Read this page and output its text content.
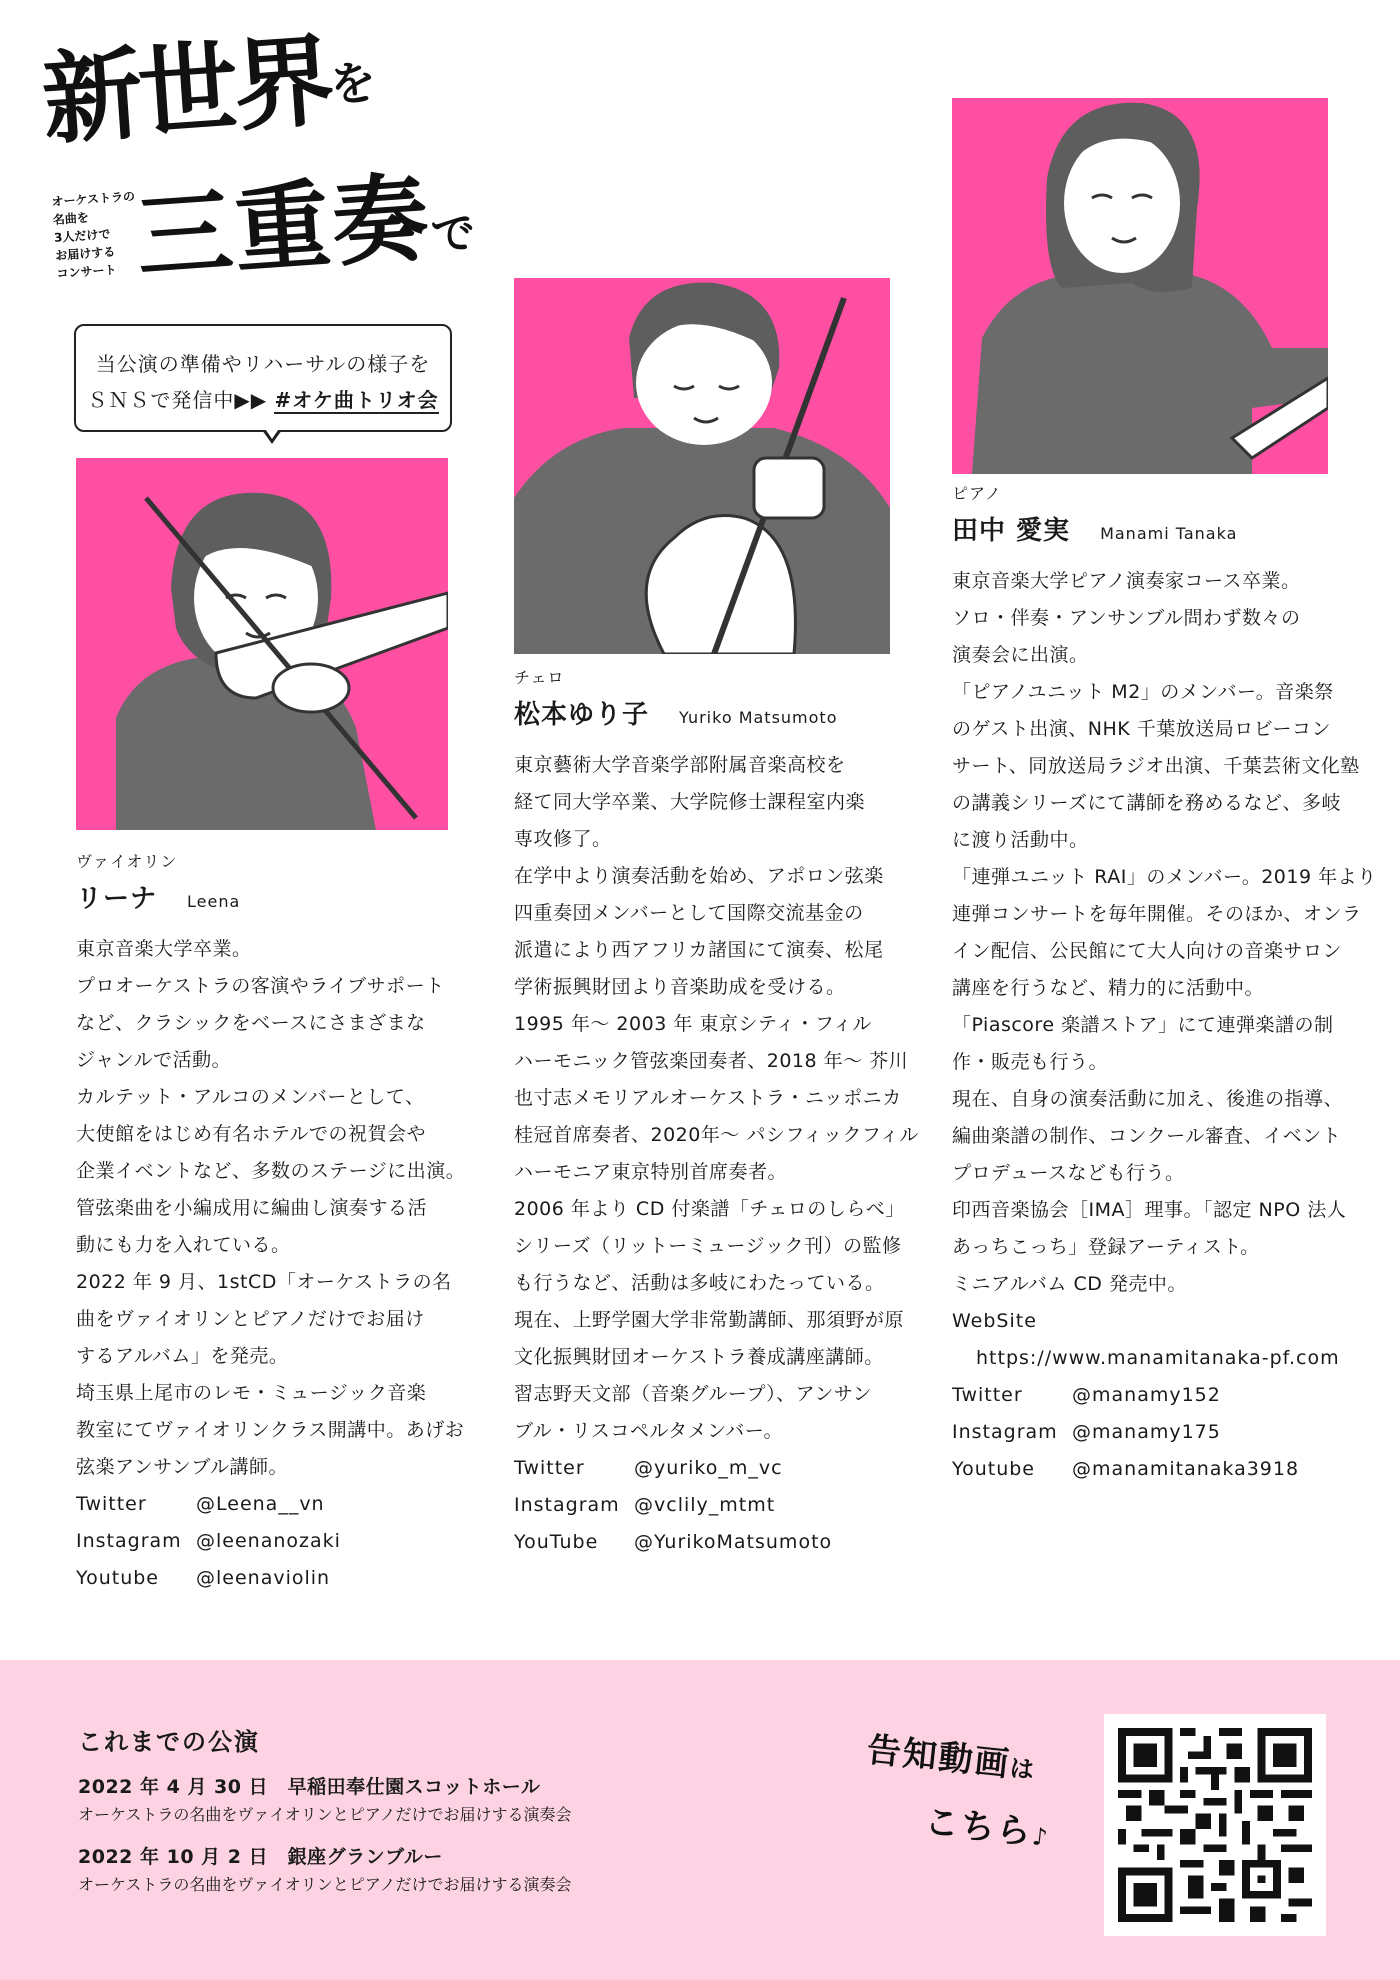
新世界を
オーケストラの
名曲を
3人だけで
お届けする
コンサート 三重奏で
当公演の準備やリハーサルの様子を
ＳＮＳで発信中▶▶ #オケ曲トリオ会
ヴァイオリン
リーナ Leena

東京音楽大学卒業。

プロオーケストラの客演やライブサポート

など、クラシックをベースにさまざまな

ジャンルで活動。

カルテット・アルコのメンバーとして、

大使館をはじめ有名ホテルでの祝賀会や

企業イベントなど、多数のステージに出演。

管弦楽曲を小編成用に編曲し演奏する活

動にも力を入れている。

2022 年 9 月、1stCD「オーケストラの名

曲をヴァイオリンとピアノだけでお届け

するアルバム」を発売。

埼玉県上尾市のレモ・ミュージック音楽

教室にてヴァイオリンクラス開講中。あげお

弦楽アンサンブル講師。

Twitter	@Leena__vn
Instagram @leenanozaki
Youtube @leenaviolin
チェロ
松本ゆり子 Yuriko Matsumoto

東京藝術大学音楽学部附属音楽高校を

経て同大学卒業、大学院修士課程室内楽

専攻修了。

在学中より演奏活動を始め、アポロン弦楽

四重奏団メンバーとして国際交流基金の

派遣により西アフリカ諸国にて演奏、松尾

学術振興財団より音楽助成を受ける。

1995 年～ 2003 年 東京シティ・フィル

ハーモニック管弦楽団奏者、2018 年～ 芥川

也寸志メモリアルオーケストラ・ニッポニカ

桂冠首席奏者、2020年～ パシフィックフィル

ハーモニア東京特別首席奏者。

2006 年より CD 付楽譜「チェロのしらべ」

シリーズ（リットーミュージック刊）の監修

も行うなど、活動は多岐にわたっている。

現在、上野学園大学非常勤講師、那須野が原

文化振興財団オーケストラ養成講座講師。

習志野天文部（音楽グループ）、アンサン

ブル・リスコペルタメンバー。

Twitter	@yuriko_m_vc
Instagram @vclily_mtmt
YouTube @YurikoMatsumoto
ピアノ
田中 愛実 Manami Tanaka

東京音楽大学ピアノ演奏家コース卒業。

ソロ・伴奏・アンサンブル問わず数々の

演奏会に出演。

「ピアノユニット M2」のメンバー。音楽祭

のゲスト出演、NHK 千葉放送局ロビーコン

サート、同放送局ラジオ出演、千葉芸術文化塾

の講義シリーズにて講師を務めるなど、多岐

に渡り活動中。

「連弾ユニット RAI」のメンバー。2019 年より

連弾コンサートを毎年開催。そのほか、オンラ

イン配信、公民館にて大人向けの音楽サロン

講座を行うなど、精力的に活動中。

「Piascore 楽譜ストア」にて連弾楽譜の制

作・販売も行う。

現在、自身の演奏活動に加え、後進の指導、

編曲楽譜の制作、コンクール審査、イベント

プロデュースなども行う。

印西音楽協会［IMA］理事。「認定 NPO 法人

あっちこっち」登録アーティスト。

ミニアルバム CD 発売中。

WebSite
https://www.manamitanaka-pf.com
Twitter	@manamy152
Instagram @manamy175
Youtube @manamitanaka3918
これまでの公演
2022 年 4 月 30 日　早稲田奉仕園スコットホール
オーケストラの名曲をヴァイオリンとピアノだけでお届けする演奏会
2022 年 10 月 2 日　銀座グランブルー
オーケストラの名曲をヴァイオリンとピアノだけでお届けする演奏会
告知動画は
こちら♪
